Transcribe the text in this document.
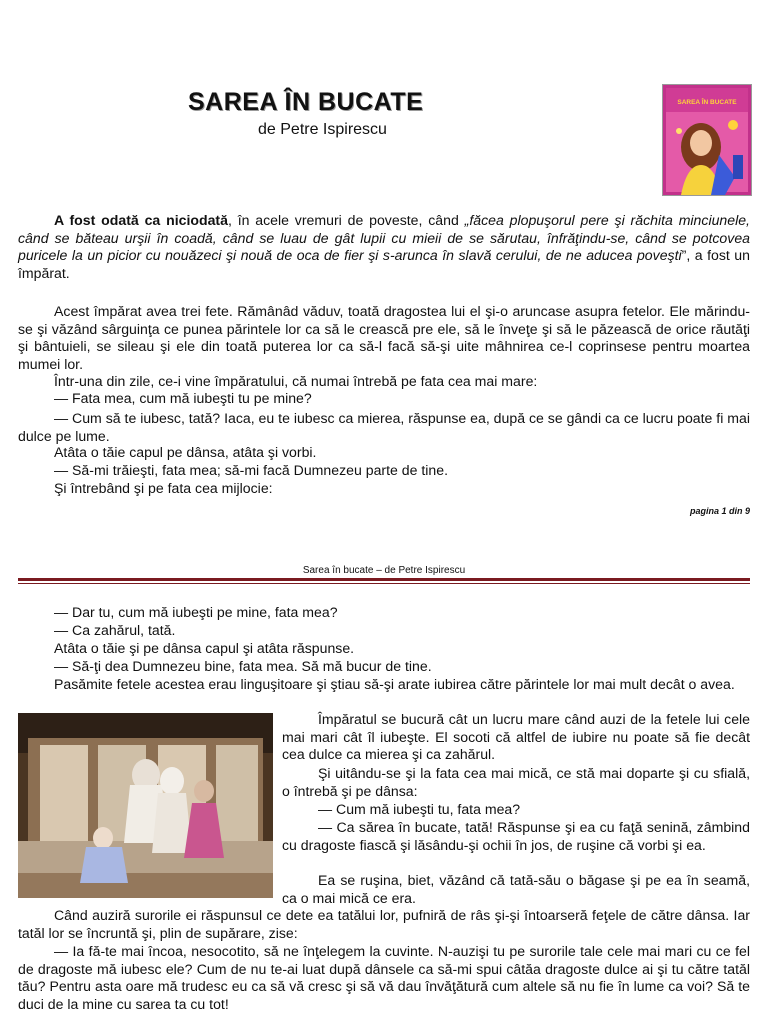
SAREA ÎN BUCATE
de Petre Ispirescu
SAREA ÎN BUCATE
A fost odată ca niciodată, în acele vremuri de poveste, când „făcea plopuşorul pere şi răchita minciunele, când se băteau urşii în coadă, când se luau de gât lupii cu mieii de se sărutau, înfrăţindu-se, când se potcovea puricele la un picior cu nouăzeci şi nouă de oca de fier şi s-arunca în slavă cerului, de ne aducea poveşti”, a fost un împărat.
Acest împărat avea trei fete. Rămânâd văduv, toată dragostea lui el şi-o aruncase asupra fetelor. Ele mărindu-se şi văzând sârguinţa ce punea părintele lor ca să le crească pre ele, să le înveţe şi să le păzească de orice răutăţi şi bântuieli, se sileau şi ele din toată puterea lor ca să-l facă să-şi uite mâhnirea ce-l coprinsese pentru moartea mumei lor.
Într-una din zile, ce-i vine împăratului, că numai întrebă pe fata cea mai mare:
— Fata mea, cum mă iubeşti tu pe mine?
— Cum să te iubesc, tată? Iaca, eu te iubesc ca mierea, răspunse ea, după ce se gândi ca ce lucru poate fi mai dulce pe lume.
Atâta o tăie capul pe dânsa, atâta şi vorbi.
— Să-mi trăieşti, fata mea; să-mi facă Dumnezeu parte de tine.
Şi întrebând şi pe fata cea mijlocie:
pagina 1 din 9
Sarea în bucate – de Petre Ispirescu
— Dar tu, cum mă iubeşti pe mine, fata mea?
— Ca zahărul, tată.
Atâta o tăie şi pe dânsa capul şi atâta răspunse.
— Să-ţi dea Dumnezeu bine, fata mea. Să mă bucur de tine.
Pasămite fetele acestea erau linguşitoare şi ştiau să-şi arate iubirea către părintele lor mai mult decât o avea.
Împăratul se bucură cât un lucru mare când auzi de la fetele lui cele mai mari cât îl iubeşte. El socoti că altfel de iubire nu poate să fie decât cea dulce ca mierea şi ca zahărul.
Şi uitându-se şi la fata cea mai mică, ce stă mai doparte şi cu sfială, o întrebă şi pe dânsa:
— Cum mă iubeşti tu, fata mea?
— Ca sărea în bucate, tată! Răspunse şi ea cu faţă senină, zâmbind cu dragoste fiască şi lăsându-şi ochii în jos, de ruşine că vorbi şi ea.
Ea se ruşina, biet, văzând că tată-său o băgase şi pe ea în seamă, ca o mai mică ce era.
Când auziră surorile ei răspunsul ce dete ea tatălui lor, pufniră de râs şi-şi întoarseră feţele de către dânsa. Iar tatăl lor se încruntă şi, plin de supărare, zise:
— Ia fă-te mai încoa, nesocotito, să ne înţelegem la cuvinte. N-auzişi tu pe surorile tale cele mai mari cu ce fel de dragoste mă iubesc ele? Cum de nu te-ai luat după dânsele ca să-mi spui câtăa dragoste dulce ai şi tu către tatăl tău? Pentru asta oare mă trudesc eu ca să vă cresc şi să vă dau învăţătură cum altele să nu fie în lume ca voi? Să te duci de la mine cu sarea ta cu tot!
